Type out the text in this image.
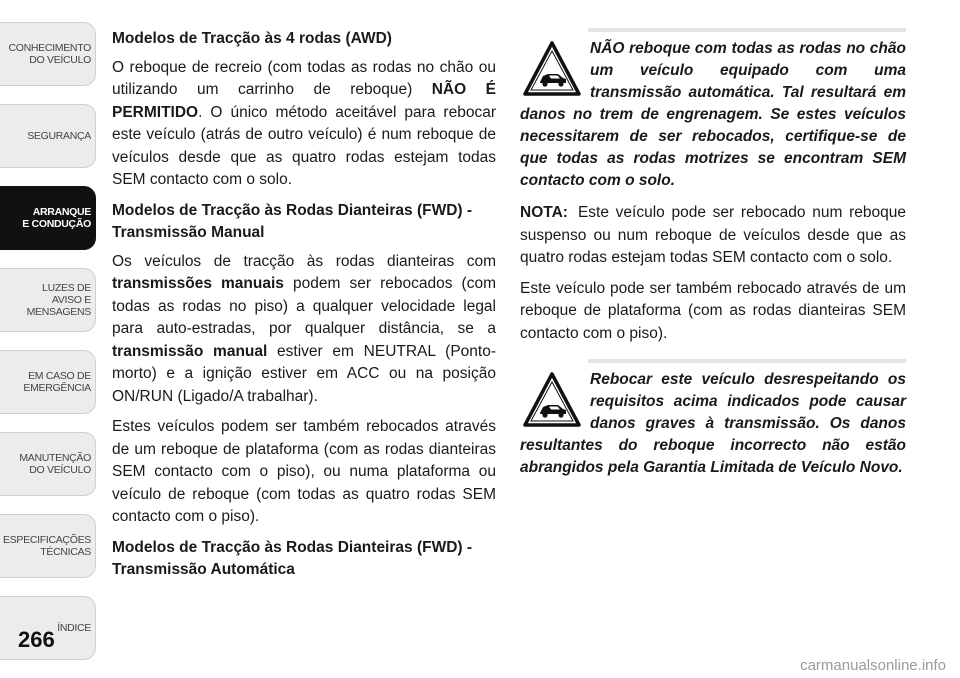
CONHECIMENTO
DO VEÍCULO
SEGURANÇA
ARRANQUE
E CONDUÇÃO
LUZES DE
AVISO E
MENSAGENS
EM CASO DE
EMERGÊNCIA
MANUTENÇÃO
DO VEÍCULO
ESPECIFICAÇÕES
TÉCNICAS
ÍNDICE
266

Modelos de Tracção às 4 rodas (AWD)

O reboque de recreio (com todas as rodas no chão ou utilizando um carrinho de reboque) NÃO É PERMITIDO. O único método aceitável para rebocar este veículo (atrás de outro veículo) é num reboque de veículos desde que as quatro rodas estejam todas SEM contacto com o solo.

Modelos de Tracção às Rodas Dianteiras (FWD) - Transmissão Manual

Os veículos de tracção às rodas dianteiras com transmissões manuais podem ser rebocados (com todas as rodas no piso) a qualquer velocidade legal para auto-estradas, por qualquer distância, se a transmissão manual estiver em NEUTRAL (Ponto-morto) e a ignição estiver em ACC ou na posição ON/RUN (Ligado/A trabalhar).

Estes veículos podem ser também rebocados através de um reboque de plataforma (com as rodas dianteiras SEM contacto com o piso), ou numa plataforma ou veículo de reboque (com todas as quatro rodas SEM contacto com o piso).

Modelos de Tracção às Rodas Dianteiras (FWD) - Transmissão Automática

NÃO reboque com todas as rodas no chão um veículo equipado com uma transmissão automática. Tal resultará em danos no trem de engrenagem. Se estes veículos necessitarem de ser rebocados, certifique-se de que todas as rodas motrizes se encontram SEM contacto com o solo.

NOTA: Este veículo pode ser rebocado num reboque suspenso ou num reboque de veículos desde que as quatro rodas estejam todas SEM contacto com o solo.

Este veículo pode ser também rebocado através de um reboque de plataforma (com as rodas dianteiras SEM contacto com o piso).

Rebocar este veículo desrespeitando os requisitos acima indicados pode causar danos graves à transmissão. Os danos resultantes do reboque incorrecto não estão abrangidos pela Garantia Limitada de Veículo Novo.

carmanualsonline.info
